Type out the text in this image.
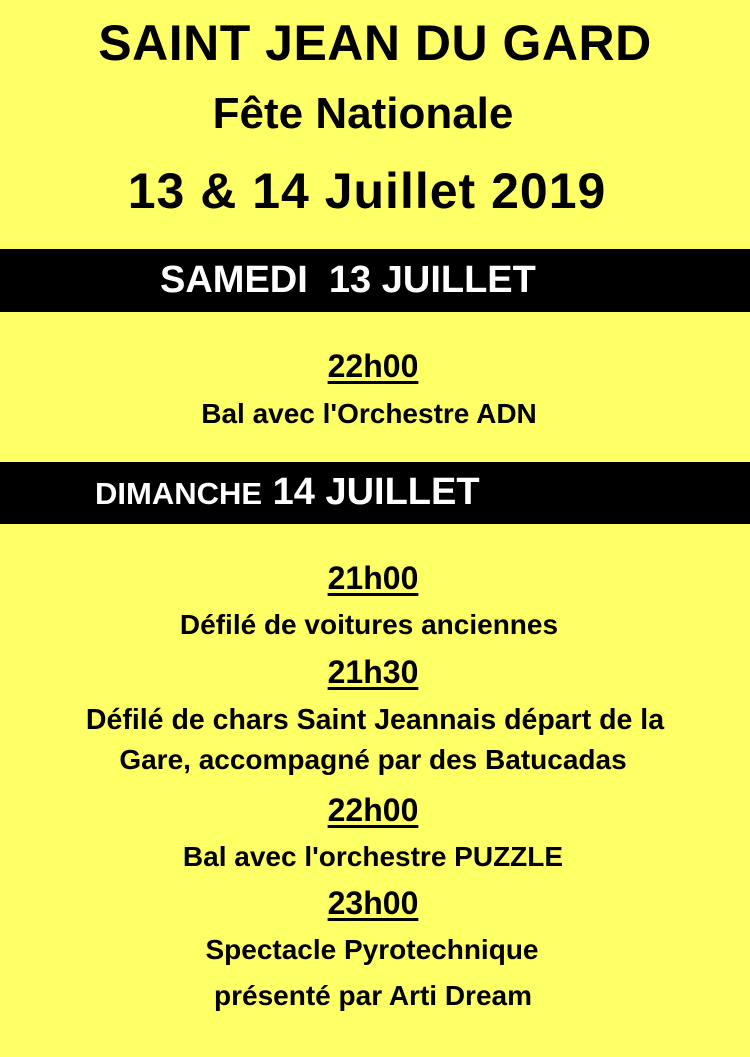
SAINT JEAN DU GARD
Fête Nationale
13 & 14 Juillet 2019
SAMEDI 13 JUILLET
22h00
Bal avec l'Orchestre ADN
DIMANCHE 14 JUILLET
21h00
Défilé de voitures anciennes
21h30
Défilé de chars Saint Jeannais départ de la
Gare, accompagné par des Batucadas
22h00
Bal avec l'orchestre PUZZLE
23h00
Spectacle Pyrotechnique
présenté par Arti Dream
